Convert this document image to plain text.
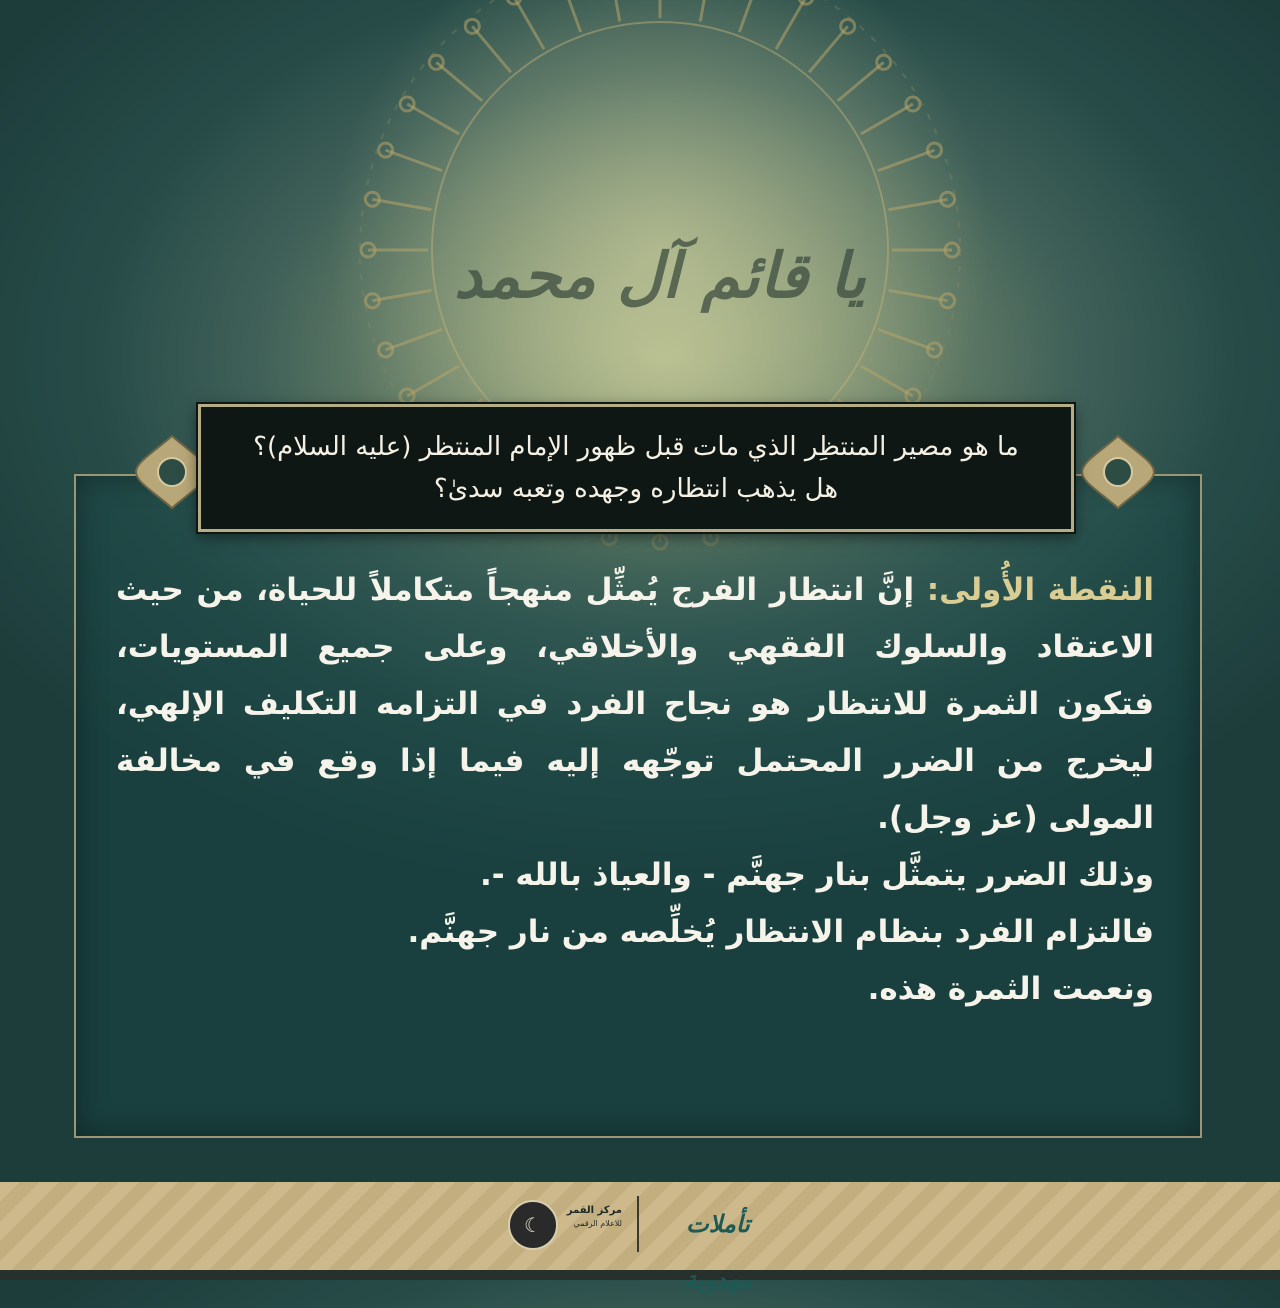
يا قائم آل محمد
ما هو مصير المنتظِر الذي مات قبل ظهور الإمام المنتظر (عليه السلام)؟
هل يذهب انتظاره وجهده وتعبه سدىٰ؟

النقطة الأُولى: إنَّ انتظار الفرج يُمثِّل منهجاً متكاملاً للحياة، من حيث الاعتقاد والسلوك الفقهي والأخلاقي، وعلى جميع المستويات، فتكون الثمرة للانتظار هو نجاح الفرد في التزامه التكليف الإلهي، ليخرج من الضرر المحتمل توجّهه إليه فيما إذا وقع في مخالفة المولى (عز وجل).

وذلك الضرر يتمثَّل بنار جهنَّم - والعياذ بالله -.

فالتزام الفرد بنظام الانتظار يُخلِّصه من نار جهنَّم.

ونعمت الثمرة هذه.

☾
مركز القمر
للاعلام الرقمي	تأملات مهدوية
